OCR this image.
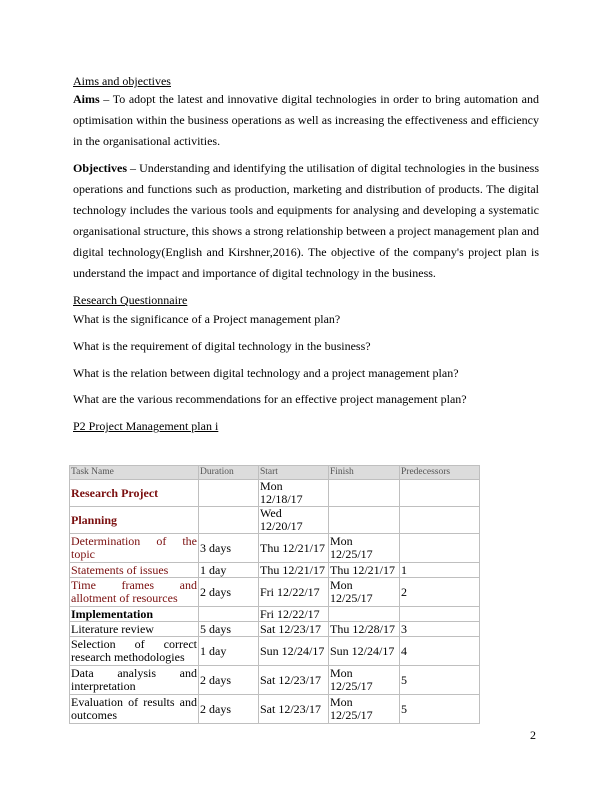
Aims and objectives

Aims – To adopt the latest and innovative digital technologies in order to bring automation and optimisation within the business operations as well as increasing the effectiveness and efficiency in the organisational activities.

Objectives – Understanding and identifying the utilisation of digital technologies in the business operations and functions such as production, marketing and distribution of products. The digital technology includes the various tools and equipments for analysing and developing a systematic organisational structure, this shows a strong relationship between a project management plan and digital technology(English and Kirshner,2016). The objective of the company's project plan is understand the impact and importance of digital technology in the business.

Research Questionnaire
What is the significance of a Project management plan?
What is the requirement of digital technology in the business?
What is the relation between digital technology and a project management plan?
What are the various recommendations for an effective project management plan?
P2 Project Management plan i
Task Name	Duration	Start	Finish	Predecessors
Research Project		Mon 12/18/17		
Planning		Wed 12/20/17		
Determination of the topic	3 days	Thu 12/21/17	Mon 12/25/17	
Statements of issues	1 day	Thu 12/21/17	Thu 12/21/17	1
Time frames and allotment of resources	2 days	Fri 12/22/17	Mon 12/25/17	2
Implementation		Fri 12/22/17		
Literature review	5 days	Sat 12/23/17	Thu 12/28/17	3
Selection of correct research methodologies	1 day	Sun 12/24/17	Sun 12/24/17	4
Data analysis and interpretation	2 days	Sat 12/23/17	Mon 12/25/17	5
Evaluation of results and outcomes	2 days	Sat 12/23/17	Mon 12/25/17	5
2
